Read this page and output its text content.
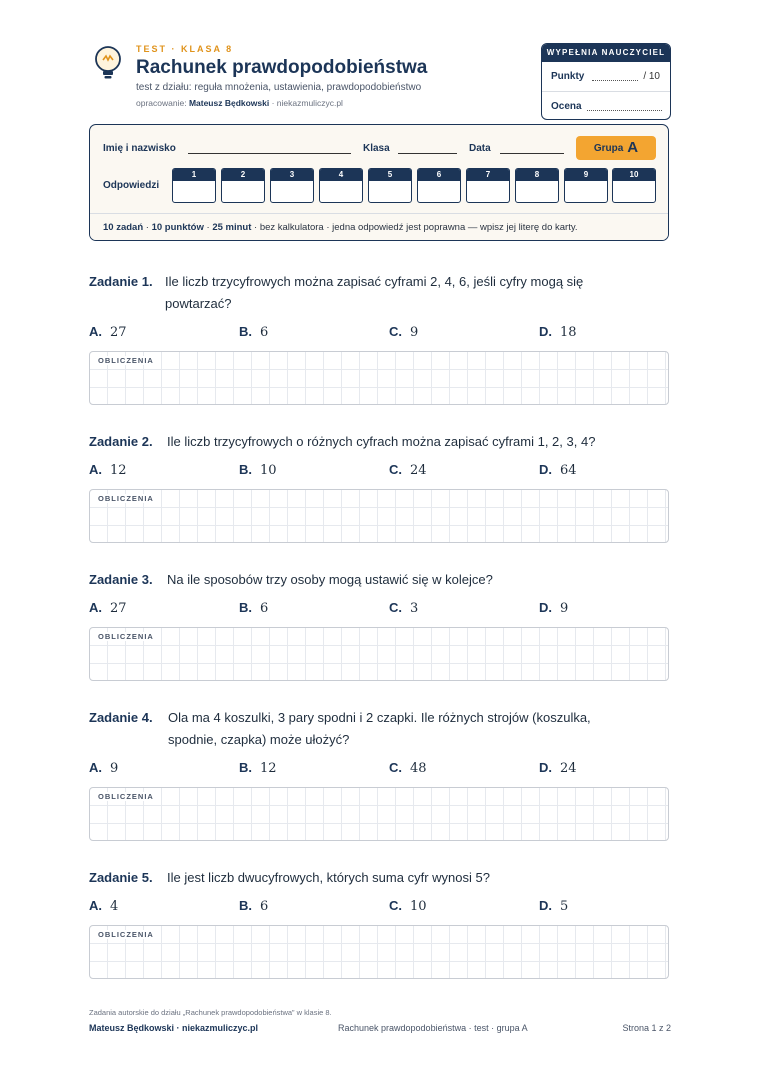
TEST · KLASA 8
Rachunek prawdopodobieństwa
test z działu: reguła mnożenia, ustawienia, prawdopodobieństwo
opracowanie: Mateusz Będkowski · niekazmuliczyc.pl
WYPEŁNIA NAUCZYCIEL
Punkty	/ 10
Ocena
Imię i nazwisko	Klasa	Data	Grupa A
Odpowiedzi
1	2	3	4	5	6	7	8	9	10
10 zadań · 10 punktów · 25 minut · bez kalkulatora · jedna odpowiedź jest poprawna — wpisz jej literę do karty.
Zadanie 1. Ile liczb trzycyfrowych można zapisać cyframi 2, 4, 6, jeśli cyfry mogą się powtarzać?
A. 27	B. 6	C. 9	D. 18
OBLICZENIA
Zadanie 2. Ile liczb trzycyfrowych o różnych cyfrach można zapisać cyframi 1, 2, 3, 4?
A. 12	B. 10	C. 24	D. 64
OBLICZENIA
Zadanie 3. Na ile sposobów trzy osoby mogą ustawić się w kolejce?
A. 27	B. 6	C. 3	D. 9
OBLICZENIA
Zadanie 4. Ola ma 4 koszulki, 3 pary spodni i 2 czapki. Ile różnych strojów (koszulka, spodnie, czapka) może ułożyć?
A. 9	B. 12	C. 48	D. 24
OBLICZENIA
Zadanie 5. Ile jest liczb dwucyfrowych, których suma cyfr wynosi 5?
A. 4	B. 6	C. 10	D. 5
OBLICZENIA
Zadania autorskie do działu „Rachunek prawdopodobieństwa” w klasie 8.
Mateusz Będkowski · niekazmuliczyc.pl	Rachunek prawdopodobieństwa · test · grupa A	Strona 1 z 2
